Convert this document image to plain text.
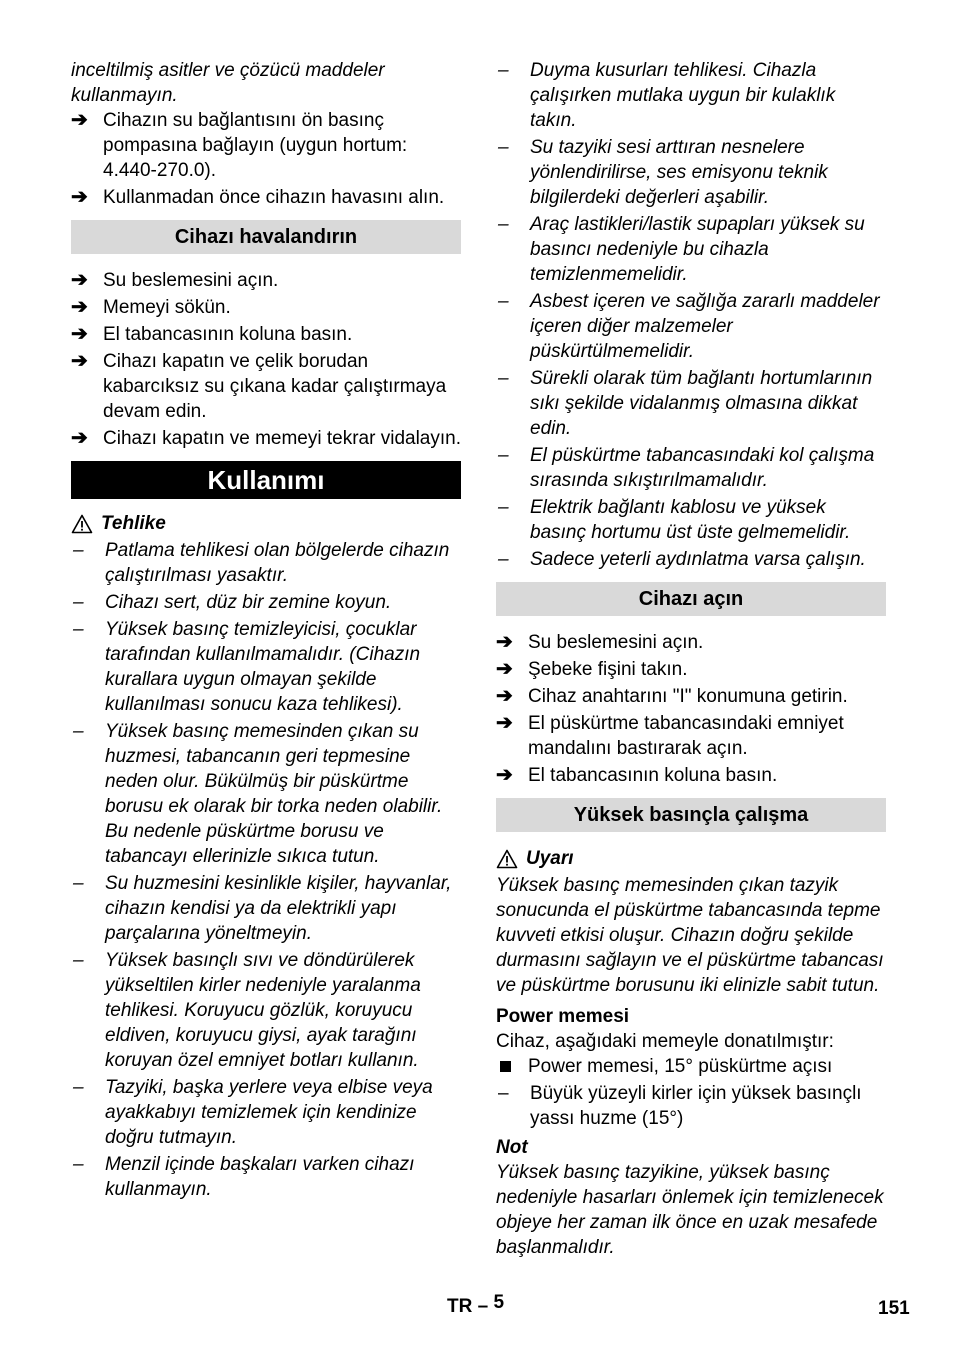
inceltilmiş asitler ve çözücü maddeler kullanmayın.
➔ Cihazın su bağlantısını ön basınç pompasına bağlayın (uygun hortum: 4.440-270.0).
➔ Kullanmadan önce cihazın havasını alın.
Cihazı havalandırın
➔ Su beslemesini açın.
➔ Memeyi sökün.
➔ El tabancasının koluna basın.
➔ Cihazı kapatın ve çelik borudan kabarcıksız su çıkana kadar çalıştırmaya devam edin.
➔ Cihazı kapatın ve memeyi tekrar vidalayın.
Kullanımı
Tehlike
–	Patlama tehlikesi olan bölgelerde cihazın çalıştırılması yasaktır.
–	Cihazı sert, düz bir zemine koyun.
–	Yüksek basınç temizleyicisi, çocuklar tarafından kullanılmamalıdır. (Cihazın kurallara uygun olmayan şekilde kullanılması sonucu kaza tehlikesi).
–	Yüksek basınç memesinden çıkan su huzmesi, tabancanın geri tepmesine neden olur. Bükülmüş bir püskürtme borusu ek olarak bir torka neden olabilir. Bu nedenle püskürtme borusu ve tabancayı ellerinizle sıkıca tutun.
–	Su huzmesini kesinlikle kişiler, hayvanlar, cihazın kendisi ya da elektrikli yapı parçalarına yöneltmeyin.
–	Yüksek basınçlı sıvı ve döndürülerek yükseltilen kirler nedeniyle yaralanma tehlikesi. Koruyucu gözlük, koruyucu eldiven, koruyucu giysi, ayak tarağını koruyan özel emniyet botları kullanın.
–	Tazyiki, başka yerlere veya elbise veya ayakkabıyı temizlemek için kendinize doğru tutmayın.
–	Menzil içinde başkaları varken cihazı kullanmayın.
–	Duyma kusurları tehlikesi. Cihazla çalışırken mutlaka uygun bir kulaklık takın.
–	Su tazyiki sesi arttıran nesnelere yönlendirilirse, ses emisyonu teknik bilgilerdeki değerleri aşabilir.
–	Araç lastikleri/lastik supapları yüksek su basıncı nedeniyle bu cihazla temizlenmemelidir.
–	Asbest içeren ve sağlığa zararlı maddeler içeren diğer malzemeler püskürtülmemelidir.
–	Sürekli olarak tüm bağlantı hortumlarının sıkı şekilde vidalanmış olmasına dikkat edin.
–	El püskürtme tabancasındaki kol çalışma sırasında sıkıştırılmamalıdır.
–	Elektrik bağlantı kablosu ve yüksek basınç hortumu üst üste gelmemelidir.
–	Sadece yeterli aydınlatma varsa çalışın.
Cihazı açın
➔ Su beslemesini açın.
➔ Şebeke fişini takın.
➔ Cihaz anahtarını "I" konumuna getirin.
➔ El püskürtme tabancasındaki emniyet mandalını bastırarak açın.
➔ El tabancasının koluna basın.
Yüksek basınçla çalışma
Uyarı
Yüksek basınç memesinden çıkan tazyik sonucunda el püskürtme tabancasında tepme kuvveti etkisi oluşur. Cihazın doğru şekilde durmasını sağlayın ve el püskürtme tabancası ve püskürtme borusunu iki elinizle sabit tutun.
Power memesi
Cihaz, aşağıdaki memeyle donatılmıştır:
Power memesi, 15° püskürtme açısı
–	Büyük yüzeyli kirler için yüksek basınçlı yassı huzme (15°)
Not
Yüksek basınç tazyikine, yüksek basınç nedeniyle hasarları önlemek için temizlenecek objeye her zaman ilk önce en uzak mesafede başlanmalıdır.
TR – 5	151
